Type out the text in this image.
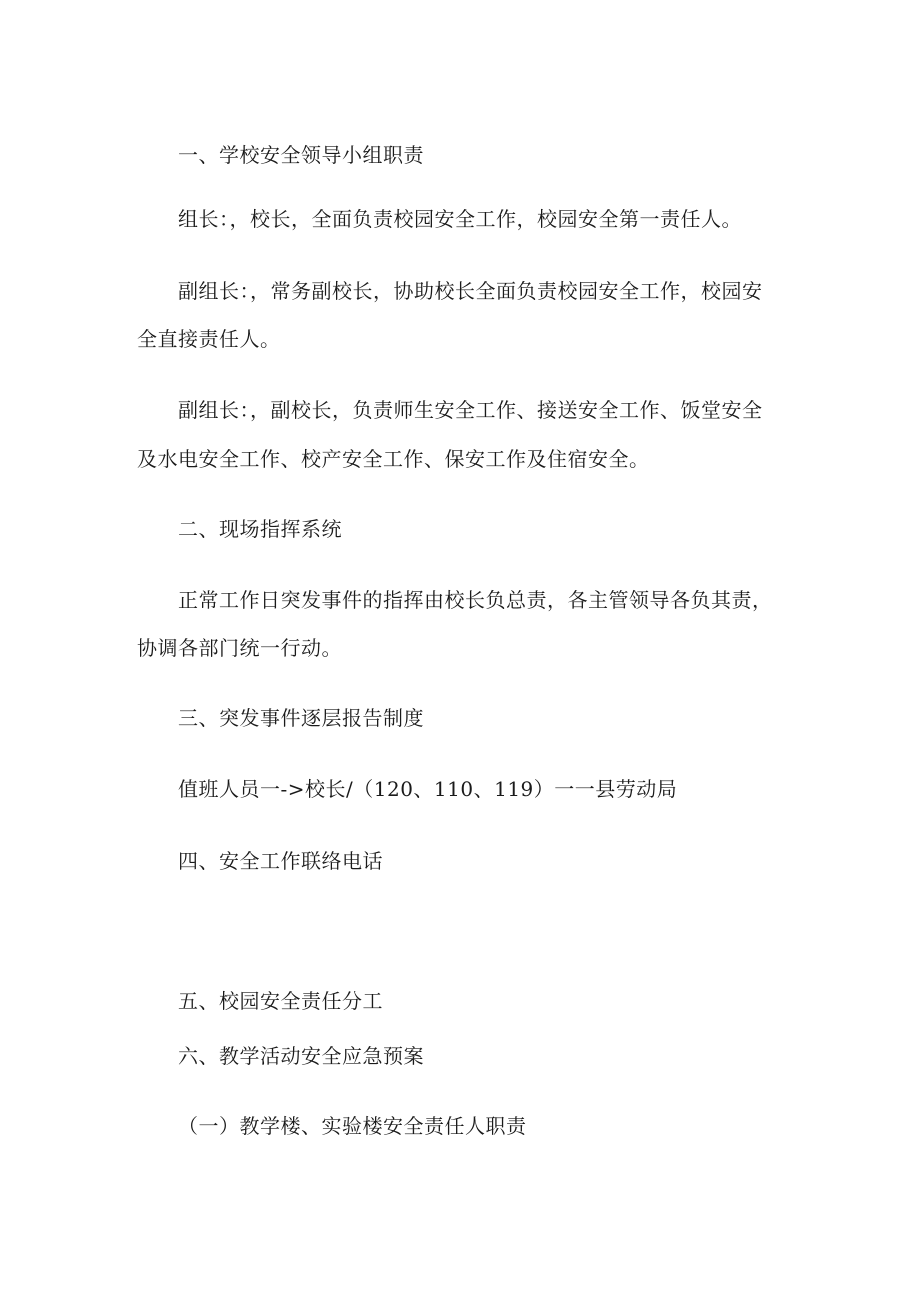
一、学校安全领导小组职责
组长：，校长，全面负责校园安全工作，校园安全第一责任人。
副组长：，常务副校长，协助校长全面负责校园安全工作，校园安
全直接责任人。
副组长：，副校长，负责师生安全工作、接送安全工作、饭堂安全
及水电安全工作、校产安全工作、保安工作及住宿安全。
二、现场指挥系统
正常工作日突发事件的指挥由校长负总责，各主管领导各负其责，
协调各部门统一行动。
三、突发事件逐层报告制度
值班人员一->校长/（120、110、119）一一县劳动局
四、安全工作联络电话
五、校园安全责任分工
六、教学活动安全应急预案
（一）教学楼、实验楼安全责任人职责
